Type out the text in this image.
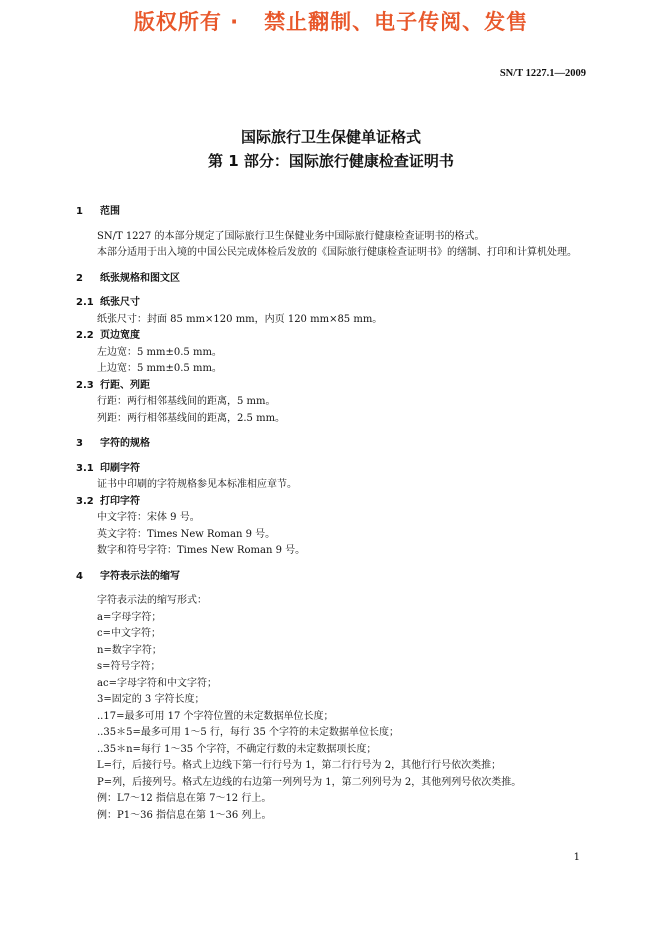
版权所有 ·   禁止翻制、电子传阅、发售
SN/T 1227.1—2009
国际旅行卫生保健单证格式
第 1 部分：国际旅行健康检查证明书
1 范围

SN/T 1227 的本部分规定了国际旅行卫生保健业务中国际旅行健康检查证明书的格式。

本部分适用于出入境的中国公民完成体检后发放的《国际旅行健康检查证明书》的缮制、打印和计算机处理。

2 纸张规格和图文区
2.1 纸张尺寸

纸张尺寸：封面 85 mm×120 mm，内页 120 mm×85 mm。

2.2 页边宽度

左边宽：5 mm±0.5 mm。

上边宽：5 mm±0.5 mm。

2.3 行距、列距

行距：两行相邻基线间的距离，5 mm。

列距：两行相邻基线间的距离，2.5 mm。

3 字符的规格
3.1 印刷字符

证书中印刷的字符规格参见本标准相应章节。

3.2 打印字符

中文字符：宋体 9 号。

英文字符：Times New Roman 9 号。

数字和符号字符：Times New Roman 9 号。

4 字符表示法的缩写

字符表示法的缩写形式：

a=字母字符；

c=中文字符；

n=数字字符；

s=符号字符；

ac=字母字符和中文字符；

3=固定的 3 字符长度；

..17=最多可用 17 个字符位置的未定数据单位长度；

..35＊5=最多可用 1～5 行，每行 35 个字符的未定数据单位长度；

..35＊n=每行 1～35 个字符，不确定行数的未定数据项长度；

L=行，后接行号。格式上边线下第一行行号为 1，第二行行号为 2，其他行行号依次类推；

P=列，后接列号。格式左边线的右边第一列列号为 1，第二列列号为 2，其他列列号依次类推。

例：L7～12 指信息在第 7～12 行上。

例：P1～36 指信息在第 1～36 列上。

1
